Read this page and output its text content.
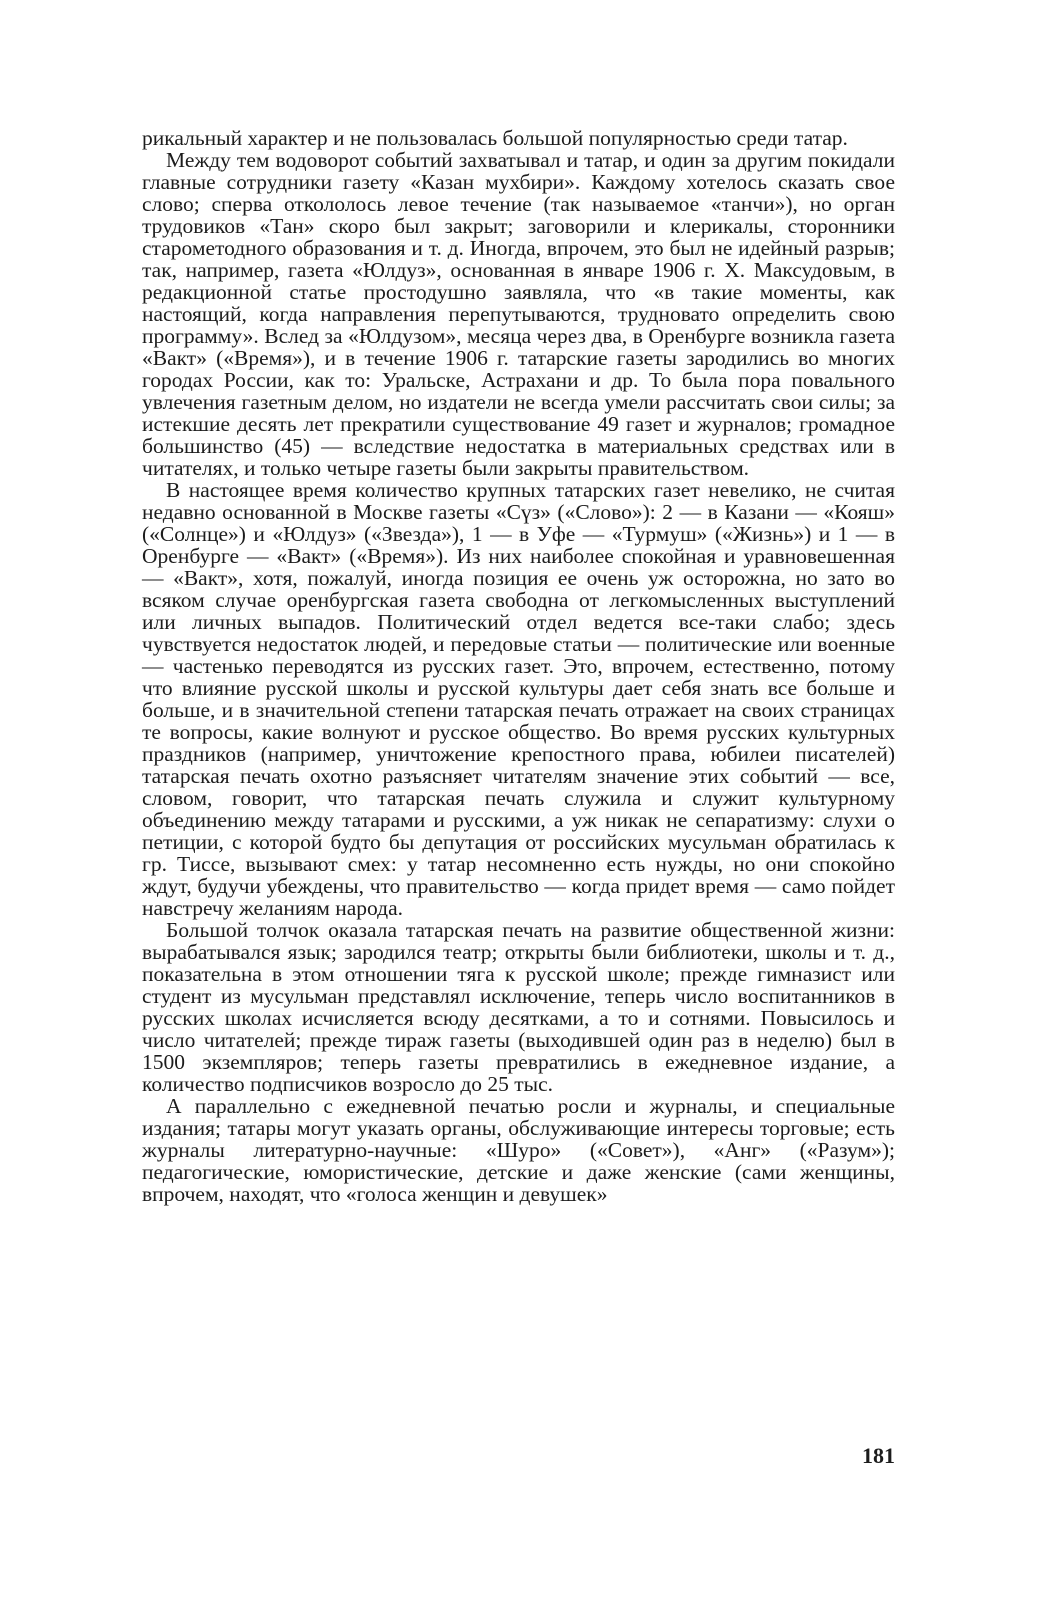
рикальный характер и не пользовалась большой популярностью среди татар.

Между тем водоворот событий захватывал и татар, и один за другим покидали главные сотрудники газету «Казан мухбири». Каждому хотелось сказать свое слово; сперва откололось левое течение (так называемое «танчи»), но орган трудовиков «Тан» скоро был закрыт; заговорили и клерикалы, сторонники старометодного образования и т. д. Иногда, впрочем, это был не идейный разрыв; так, например, газета «Юлдуз», основанная в январе 1906 г. Х. Максудовым, в редакционной статье простодушно заявляла, что «в такие моменты, как настоящий, когда направления перепутываются, трудновато определить свою программу». Вслед за «Юлдузом», месяца через два, в Оренбурге возникла газета «Вакт» («Время»), и в течение 1906 г. татарские газеты зародились во многих городах России, как то: Уральске, Астрахани и др. То была пора повального увлечения газетным делом, но издатели не всегда умели рассчитать свои силы; за истекшие десять лет прекратили существование 49 газет и журналов; громадное большинство (45) — вследствие недостатка в материальных средствах или в читателях, и только четыре газеты были закрыты правительством.

В настоящее время количество крупных татарских газет невелико, не считая недавно основанной в Москве газеты «Сүз» («Слово»): 2 — в Казани — «Кояш» («Солнце») и «Юлдуз» («Звезда»), 1 — в Уфе — «Турмуш» («Жизнь») и 1 — в Оренбурге — «Вакт» («Время»). Из них наиболее спокойная и уравновешенная — «Вакт», хотя, пожалуй, иногда позиция ее очень уж осторожна, но зато во всяком случае оренбургская газета свободна от легкомысленных выступлений или личных выпадов. Политический отдел ведется все-таки слабо; здесь чувствуется недостаток людей, и передовые статьи — политические или военные — частенько переводятся из русских газет. Это, впрочем, естественно, потому что влияние русской школы и русской культуры дает себя знать все больше и больше, и в значительной степени татарская печать отражает на своих страницах те вопросы, какие волнуют и русское общество. Во время русских культурных праздников (например, уничтожение крепостного права, юбилеи писателей) татарская печать охотно разъясняет читателям значение этих событий — все, словом, говорит, что татарская печать служила и служит культурному объединению между татарами и русскими, а уж никак не сепаратизму: слухи о петиции, с которой будто бы депутация от российских мусульман обратилась к гр. Тиссе, вызывают смех: у татар несомненно есть нужды, но они спокойно ждут, будучи убеждены, что правительство — когда придет время — само пойдет навстречу желаниям народа.

Большой толчок оказала татарская печать на развитие общественной жизни: вырабатывался язык; зародился театр; открыты были библиотеки, школы и т. д., показательна в этом отношении тяга к русской школе; прежде гимназист или студент из мусульман представлял исключение, теперь число воспитанников в русских школах исчисляется всюду десятками, а то и сотнями. Повысилось и число читателей; прежде тираж газеты (выходившей один раз в неделю) был в 1500 экземпляров; теперь газеты превратились в ежедневное издание, а количество подписчиков возросло до 25 тыс.

А параллельно с ежедневной печатью росли и журналы, и специальные издания; татары могут указать органы, обслуживающие интересы торговые; есть журналы литературно-научные: «Шуро» («Совет»), «Анг» («Разум»); педагогические, юмористические, детские и даже женские (сами женщины, впрочем, находят, что «голоса женщин и девушек»

181
